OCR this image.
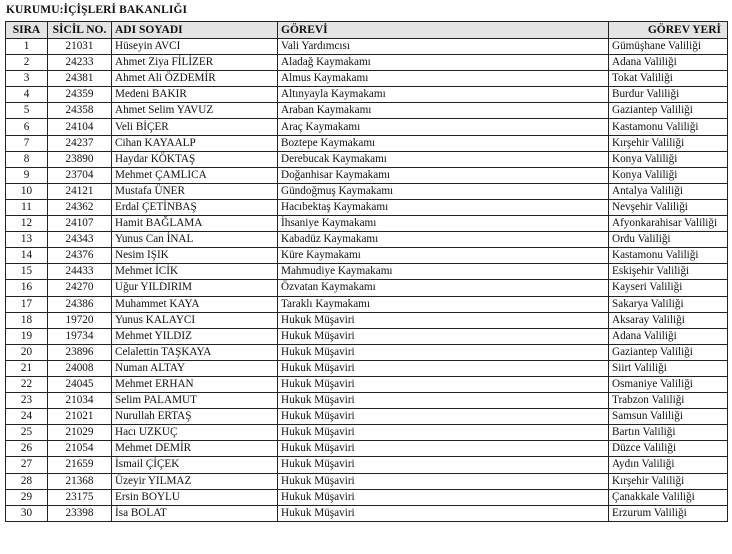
KURUMU:İÇİŞLERİ BAKANLIĞI
SIRA	SİCİL NO.	ADI SOYADI	GÖREVİ	GÖREV YERİ
1	21031	Hüseyin AVCI	Vali Yardımcısı	Gümüşhane Valiliği
2	24233	Ahmet Ziya FİLİZER	Aladağ Kaymakamı	Adana Valiliği
3	24381	Ahmet Ali ÖZDEMİR	Almus Kaymakamı	Tokat Valiliği
4	24359	Medeni BAKIR	Altınyayla Kaymakamı	Burdur Valiliği
5	24358	Ahmet Selim YAVUZ	Araban Kaymakamı	Gaziantep Valiliği
6	24104	Veli BİÇER	Araç Kaymakamı	Kastamonu Valiliği
7	24237	Cihan KAYAALP	Boztepe Kaymakamı	Kırşehir Valiliği
8	23890	Haydar KÖKTAŞ	Derebucak Kaymakamı	Konya Valiliği
9	23704	Mehmet ÇAMLICA	Doğanhisar Kaymakamı	Konya Valiliği
10	24121	Mustafa ÜNER	Gündoğmuş Kaymakamı	Antalya Valiliği
11	24362	Erdal ÇETİNBAŞ	Hacıbektaş Kaymakamı	Nevşehir Valiliği
12	24107	Hamit BAĞLAMA	İhsaniye Kaymakamı	Afyonkarahisar Valiliği
13	24343	Yunus Can İNAL	Kabadüz Kaymakamı	Ordu Valiliği
14	24376	Nesim IŞIK	Küre Kaymakamı	Kastamonu Valiliği
15	24433	Mehmet İCİK	Mahmudiye Kaymakamı	Eskişehir Valiliği
16	24270	Uğur YILDIRIM	Özvatan Kaymakamı	Kayseri Valiliği
17	24386	Muhammet KAYA	Taraklı Kaymakamı	Sakarya Valiliği
18	19720	Yunus KALAYCI	Hukuk Müşaviri	Aksaray Valiliği
19	19734	Mehmet YILDIZ	Hukuk Müşaviri	Adana Valiliği
20	23896	Celalettin TAŞKAYA	Hukuk Müşaviri	Gaziantep Valiliği
21	24008	Numan ALTAY	Hukuk Müşaviri	Siirt Valiliği
22	24045	Mehmet ERHAN	Hukuk Müşaviri	Osmaniye Valiliği
23	21034	Selim PALAMUT	Hukuk Müşaviri	Trabzon Valiliği
24	21021	Nurullah ERTAŞ	Hukuk Müşaviri	Samsun Valiliği
25	21029	Hacı UZKUÇ	Hukuk Müşaviri	Bartın Valiliği
26	21054	Mehmet DEMİR	Hukuk Müşaviri	Düzce Valiliği
27	21659	İsmail ÇİÇEK	Hukuk Müşaviri	Aydın Valiliği
28	21368	Üzeyir YILMAZ	Hukuk Müşaviri	Kırşehir Valiliği
29	23175	Ersin BOYLU	Hukuk Müşaviri	Çanakkale Valiliği
30	23398	İsa BOLAT	Hukuk Müşaviri	Erzurum Valiliği
